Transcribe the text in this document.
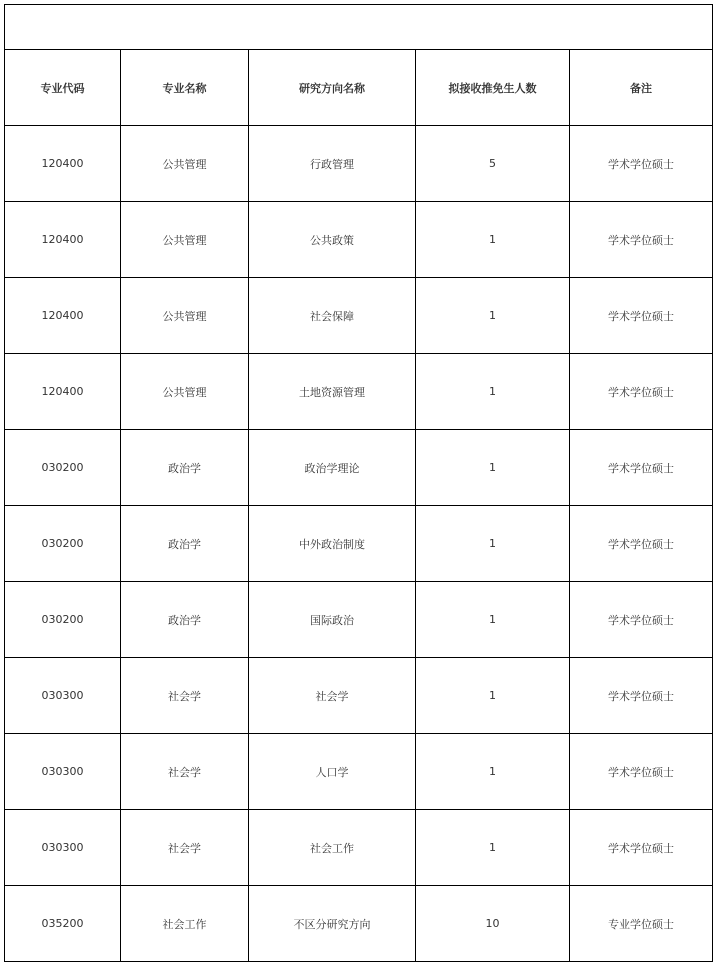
专业代码	专业名称	研究方向名称	拟接收推免生人数	备注
120400	公共管理	行政管理	5	学术学位硕士
120400	公共管理	公共政策	1	学术学位硕士
120400	公共管理	社会保障	1	学术学位硕士
120400	公共管理	土地资源管理	1	学术学位硕士
030200	政治学	政治学理论	1	学术学位硕士
030200	政治学	中外政治制度	1	学术学位硕士
030200	政治学	国际政治	1	学术学位硕士
030300	社会学	社会学	1	学术学位硕士
030300	社会学	人口学	1	学术学位硕士
030300	社会学	社会工作	1	学术学位硕士
035200	社会工作	不区分研究方向	10	专业学位硕士
